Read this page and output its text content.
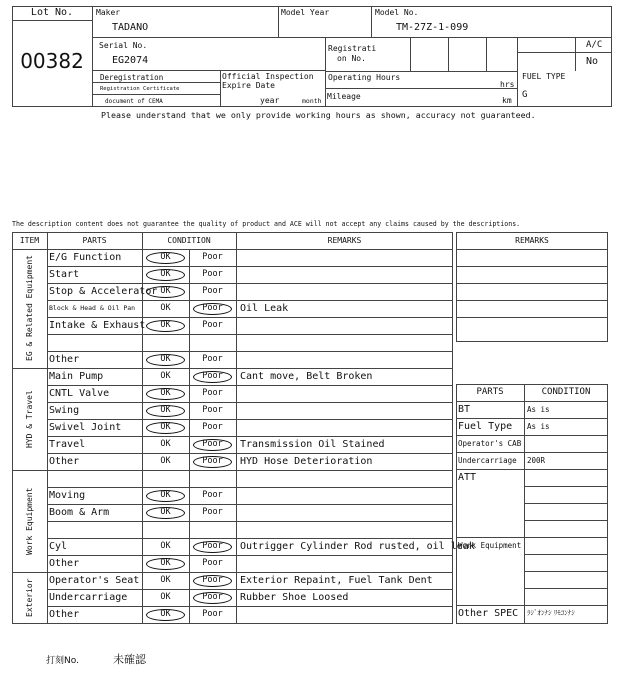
Lot No.
00382
Maker
TADANO
Model Year	Model No.
TM-27Z-1-099
Serial No.
EG2074
Registrati
on No.
A/C
No
Deregistration
Registration Certificate
document of CEMA
Official Inspection
Expire Date
year	month
Operating Hours
hrs
Mileage	km
FUEL TYPE
G
Please understand that we only provide working hours as shown, accuracy not guaranteed.
The description content does not guarantee the quality of product and ACE will not accept any claims caused by the descriptions.
ITEM	PARTS	CONDITION	REMARKS
E/G Function	OK	Poor
Start	OK	Poor
Stop & Accelerator OK	Poor
Block & Head & Oil Pan	OK	Poor	Oil Leak
Intake & Exhaust	OK	Poor
Other	OK	Poor
EG & Related Equipment
Main Pump	OK	Poor	Cant move, Belt Broken
CNTL Valve	OK	Poor
Swing	OK	Poor
Swivel Joint	OK	Poor
Travel	OK	Poor	Transmission Oil Stained
Other	OK	Poor	HYD Hose Deterioration
HYD & Travel
Moving	OK	Poor
Boom & Arm	OK	Poor
Cyl	OK	Poor	Outrigger Cylinder Rod rusted, oil leak
Other	OK	Poor
Work Equipment
Operator's Seat	OK	Poor	Exterior Repaint, Fuel Tank Dent
Undercarriage	OK	Poor	Rubber Shoe Loosed
Other	OK	Poor
Exterior
REMARKS
PARTS	CONDITION
BT	As is
Fuel Type	As is
Operator's CAB
Undercarriage	200R
ATT
Work Equipment
Other SPEC	ﾗｼﾞｵﾝﾅｼ ﾘﾓｺﾝﾅｼ
打刻No.	未確認
